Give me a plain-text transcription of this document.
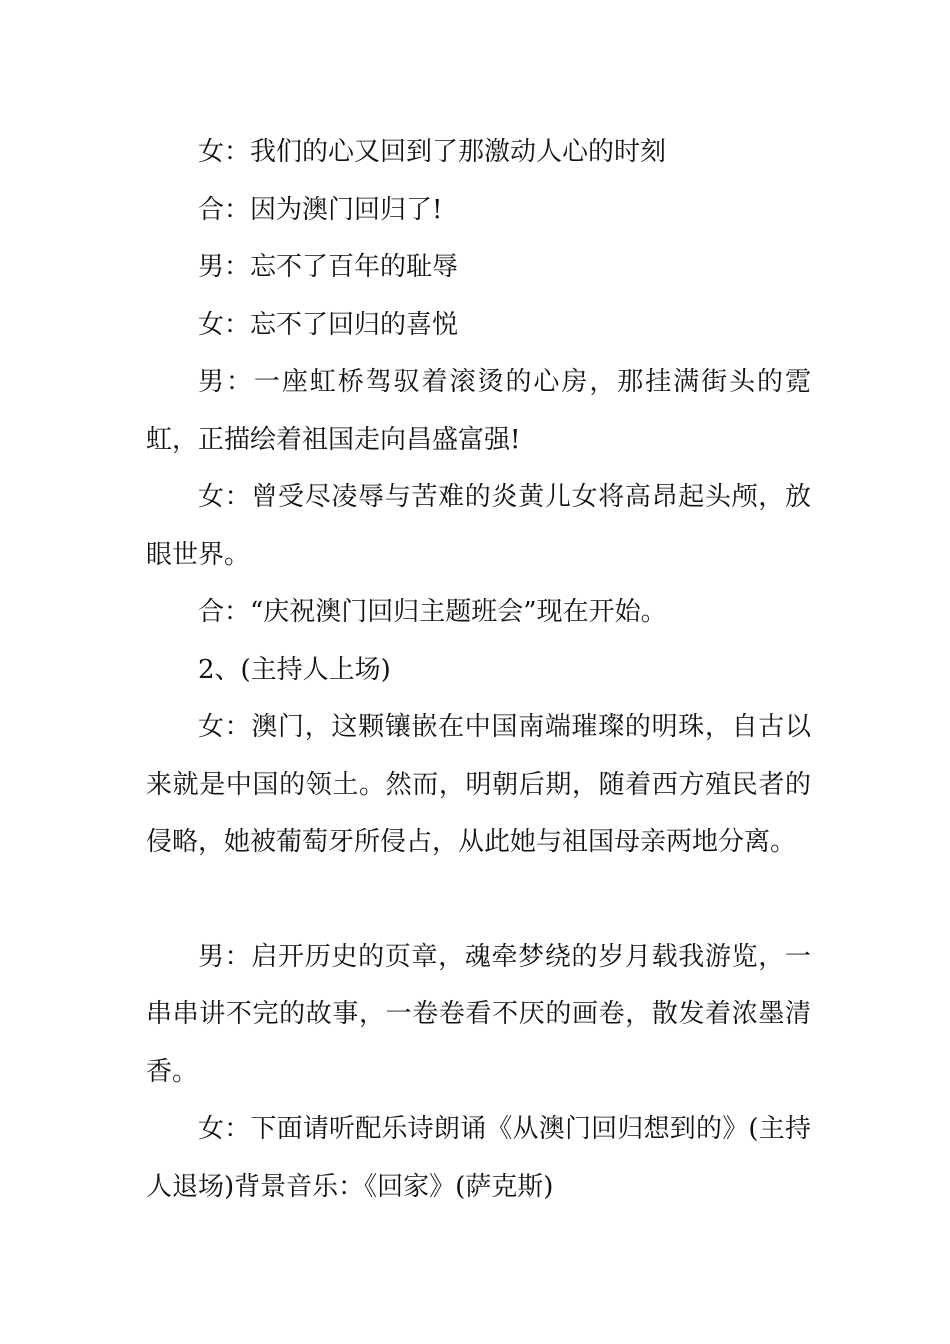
女：我们的心又回到了那激动人心的时刻

合：因为澳门回归了!

男：忘不了百年的耻辱

女：忘不了回归的喜悦

男：一座虹桥驾驭着滚烫的心房，那挂满街头的霓虹，正描绘着祖国走向昌盛富强!

女：曾受尽凌辱与苦难的炎黄儿女将高昂起头颅，放眼世界。

合：“庆祝澳门回归主题班会”现在开始。

2、(主持人上场)

女：澳门，这颗镶嵌在中国南端璀璨的明珠，自古以来就是中国的领土。然而，明朝后期，随着西方殖民者的侵略，她被葡萄牙所侵占，从此她与祖国母亲两地分离。

男：启开历史的页章，魂牵梦绕的岁月载我游览，一串串讲不完的故事，一卷卷看不厌的画卷，散发着浓墨清香。

女：下面请听配乐诗朗诵《从澳门回归想到的》(主持人退场)背景音乐：《回家》(萨克斯)
